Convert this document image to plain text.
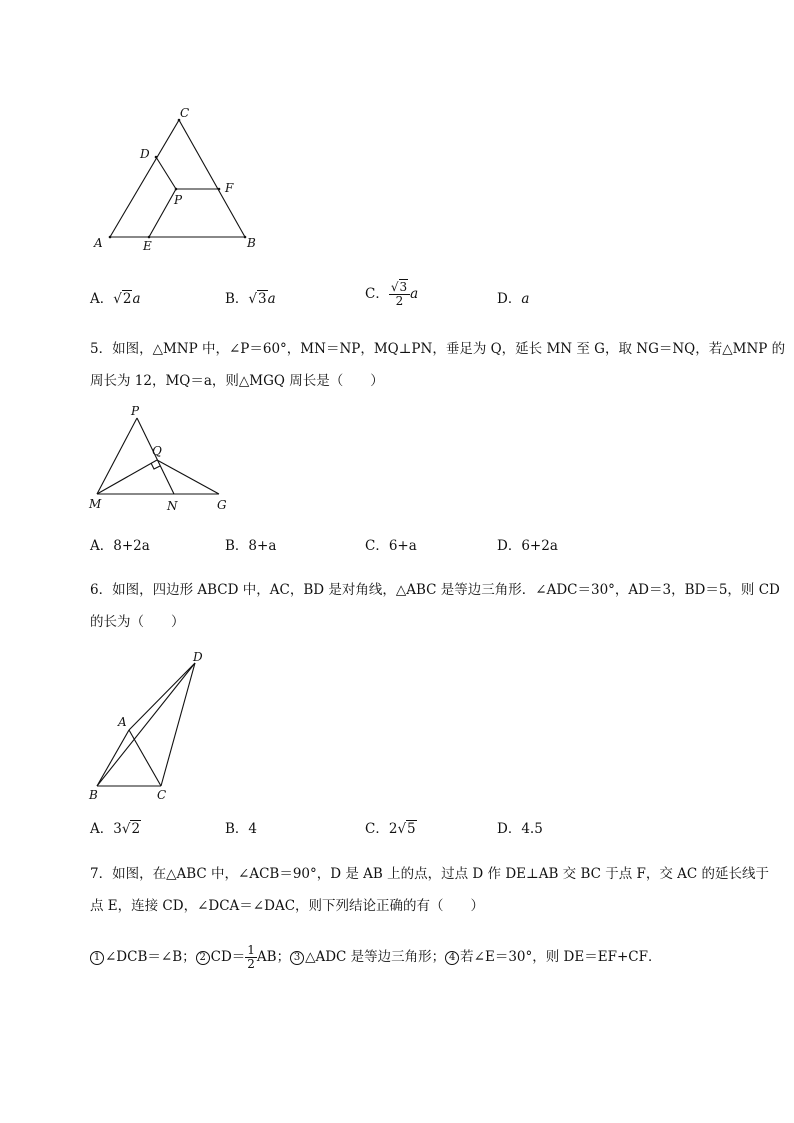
C
D
F
P
A	E	B
A．√2a	B．√3a	C． $\frac{√3}{2}$ a	D．a
5．如图，△MNP 中，∠P＝60°，MN＝NP，MQ⊥PN，垂足为 Q，延长 MN 至 G，取 NG＝NQ，若△MNP 的
周长为 12，MQ＝a，则△MGQ 周长是（　　）
P
Q
M	N	G
A．8+2a	B．8+a	C．6+a	D．6+2a
6．如图，四边形 ABCD 中，AC，BD 是对角线，△ABC 是等边三角形．∠ADC＝30°，AD＝3，BD＝5，则 CD
的长为（　　）
D
A
B	C
A．3√2	B．4	C．2√5	D．4.5
7．如图，在△ABC 中，∠ACB＝90°，D 是 AB 上的点，过点 D 作 DE⊥AB 交 BC 于点 F，交 AC 的延长线于
点 E，连接 CD，∠DCA＝∠DAC，则下列结论正确的有（　　）
1 ∠DCB＝∠B； 2 $CD= \frac{1}{2}$ AB； 3 △ADC 是等边三角形； 4 若∠E＝30°，则 DE＝EF+CF．
